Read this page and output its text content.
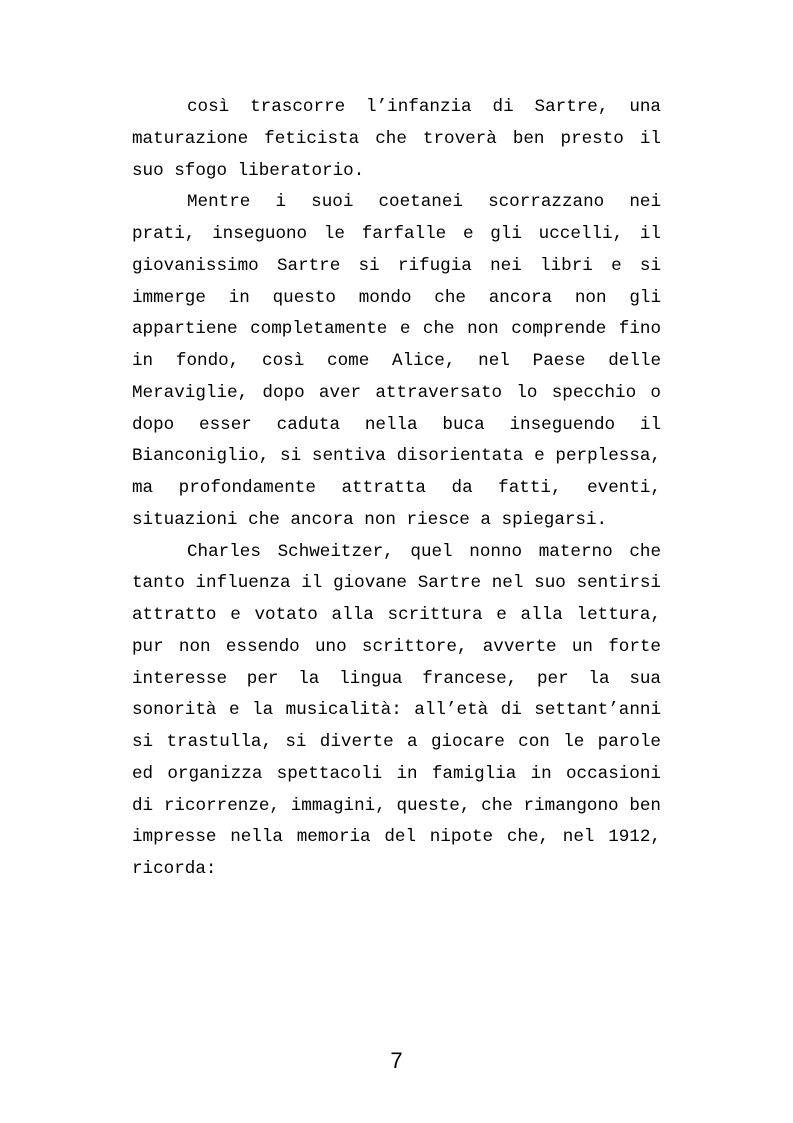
così trascorre l’infanzia di Sartre, una maturazione feticista che troverà ben presto il suo sfogo liberatorio.

Mentre i suoi coetanei scorrazzano nei prati, inseguono le farfalle e gli uccelli, il giovanissimo Sartre si rifugia nei libri e si immerge in questo mondo che ancora non gli appartiene completamente e che non comprende fino in fondo, così come Alice, nel Paese delle Meraviglie, dopo aver attraversato lo specchio o dopo esser caduta nella buca inseguendo il Bianconiglio, si sentiva disorientata e perplessa, ma profondamente attratta da fatti, eventi, situazioni che ancora non riesce a spiegarsi.

Charles Schweitzer, quel nonno materno che tanto influenza il giovane Sartre nel suo sentirsi attratto e votato alla scrittura e alla lettura, pur non essendo uno scrittore, avverte un forte interesse per la lingua francese, per la sua sonorità e la musicalità: all’età di settant’anni si trastulla, si diverte a giocare con le parole ed organizza spettacoli in famiglia in occasioni di ricorrenze, immagini, queste, che rimangono ben impresse nella memoria del nipote che, nel 1912, ricorda:

7
